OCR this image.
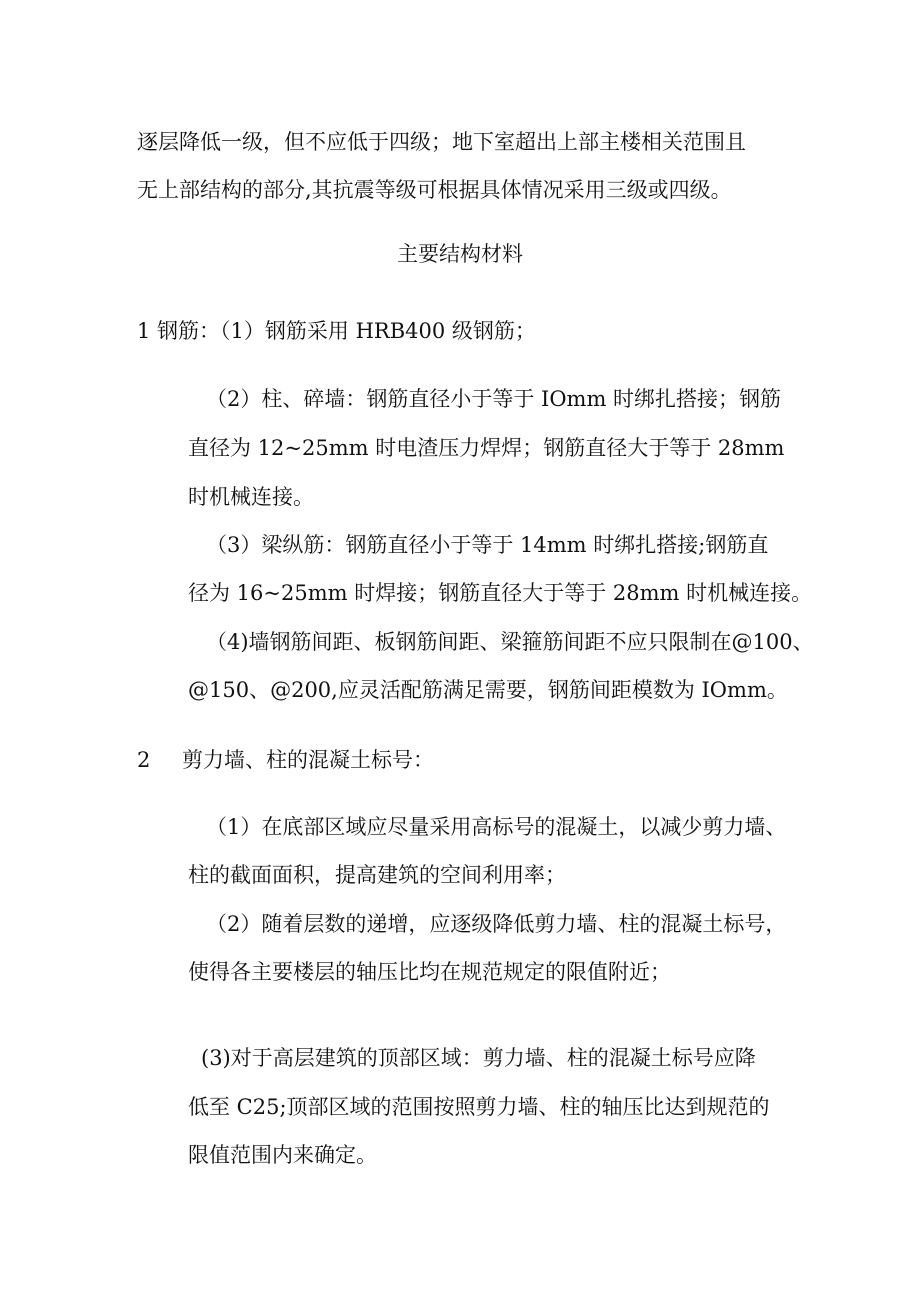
逐层降低一级，但不应低于四级；地下室超出上部主楼相关范围且
无上部结构的部分,其抗震等级可根据具体情况采用三级或四级。
主要结构材料
1 钢筋：（1）钢筋采用 HRB400 级钢筋；
（2）柱、碎墙：钢筋直径小于等于 IOmm 时绑扎搭接；钢筋
直径为 12~25mm 时电渣压力焊焊；钢筋直径大于等于 28mm
时机械连接。
（3）梁纵筋：钢筋直径小于等于 14mm 时绑扎搭接;钢筋直
径为 16~25mm 时焊接；钢筋直径大于等于 28mm 时机械连接。
（4)墙钢筋间距、板钢筋间距、梁箍筋间距不应只限制在@100、
@150、@200,应灵活配筋满足需要，钢筋间距模数为 IOmm。
2 剪力墙、柱的混凝土标号：
（1）在底部区域应尽量采用高标号的混凝土，以减少剪力墙、
柱的截面面积，提高建筑的空间利用率；
（2）随着层数的递增，应逐级降低剪力墙、柱的混凝土标号，
使得各主要楼层的轴压比均在规范规定的限值附近；
(3)对于高层建筑的顶部区域：剪力墙、柱的混凝土标号应降
低至 C25;顶部区域的范围按照剪力墙、柱的轴压比达到规范的
限值范围内来确定。
